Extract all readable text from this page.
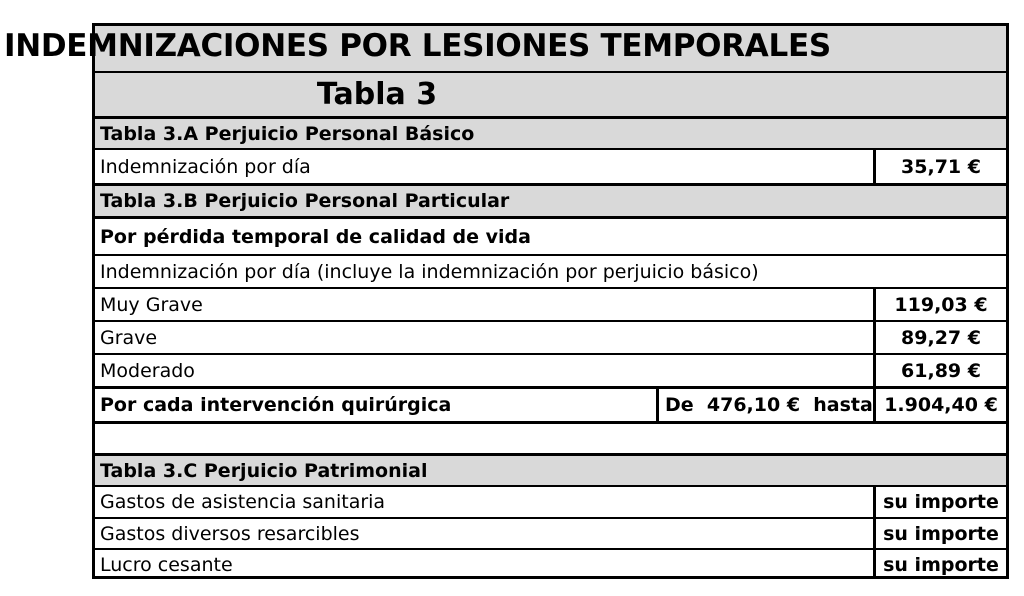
Tabla 3
Tabla 3.A Perjuicio Personal Básico
Indemnización por día	35,71 €
Tabla 3.B Perjuicio Personal Particular
Por pérdida temporal de calidad de vida
Indemnización por día (incluye la indemnización por perjuicio básico)
Muy Grave	119,03 €
Grave	89,27 €
Moderado	61,89 €
Por cada intervención quirúrgica	De  476,10 €  hasta 1.904,40 €
Tabla 3.C Perjuicio Patrimonial
Gastos de asistencia sanitaria	su importe
Gastos diversos resarcibles	su importe
Lucro cesante	su importe
INDEMNIZACIONES POR LESIONES TEMPORALES
